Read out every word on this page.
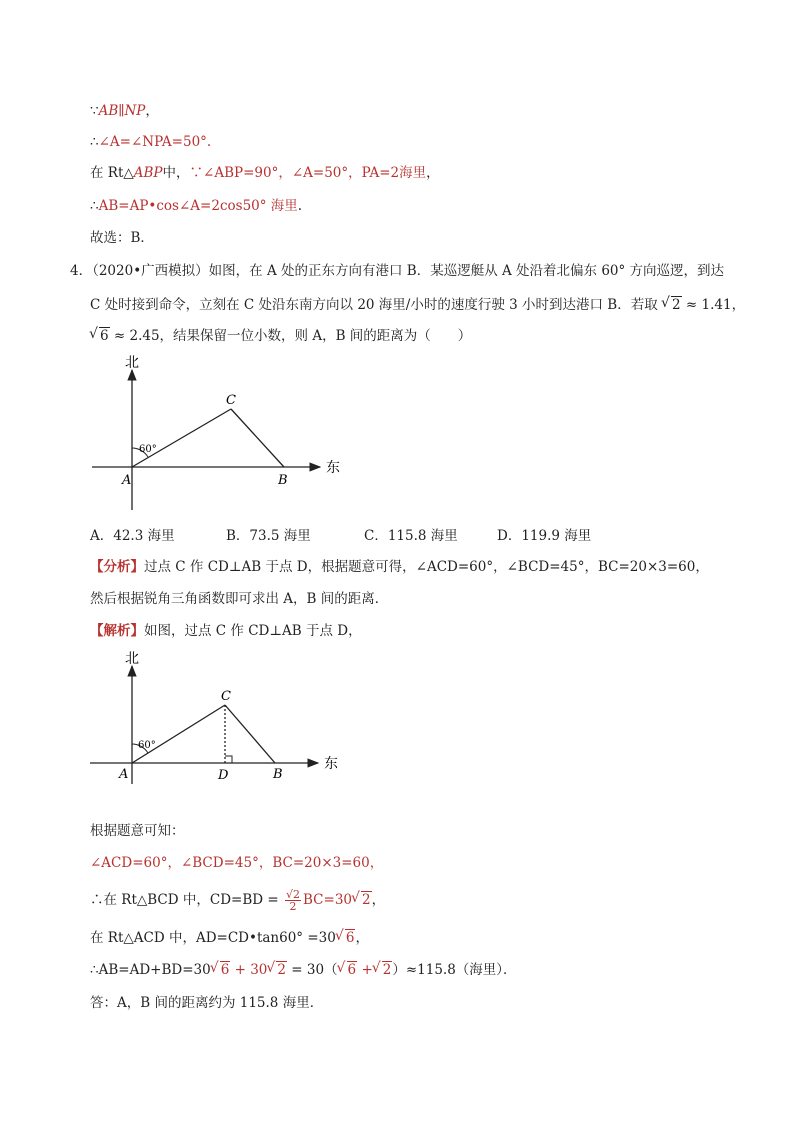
∵AB∥NP，
∴∠A=∠NPA=50°.
在 Rt△ABP中，∵∠ABP=90°，∠A=50°，PA=2海里，
∴AB=AP•cos∠A=2cos50° 海里.
故选：B．
4．（2020•广西模拟）如图，在 A 处的正东方向有港口 B．某巡逻艇从 A 处沿着北偏东 60° 方向巡逻，到达
C 处时接到命令，立刻在 C 处沿东南方向以 20 海里/小时的速度行驶 3 小时到达港口 B．若取 √ 2 ≈ 1.41，
√ 6 ≈ 2.45，结果保留一位小数，则 A，B 间的距离为（　　）
北
东
A	B
C
60°
A．42.3 海里	B．73.5 海里	C．115.8 海里	D．119.9 海里
【分析】过点 C 作 CD⊥AB 于点 D，根据题意可得，∠ACD=60°，∠BCD=45°，BC=20×3=60，
然后根据锐角三角函数即可求出 A，B 间的距离．
【解析】如图，过点 C 作 CD⊥AB 于点 D，
北
东
A	D	B
C
60°
根据题意可知：
∠ACD=60°，∠BCD=45°，BC=20×3=60，
∴在 Rt△BCD 中，$CD=BD = \frac{√2}{2} BC=30√$ 2，
在 Rt△ACD 中，AD=CD•tan60° =30√ 6，
∴AB=AD+BD=30√ 6 + 30√ 2 = 30（√ 6 +√ 2）≈115.8（海里）．
答：A，B 间的距离约为 115.8 海里．
